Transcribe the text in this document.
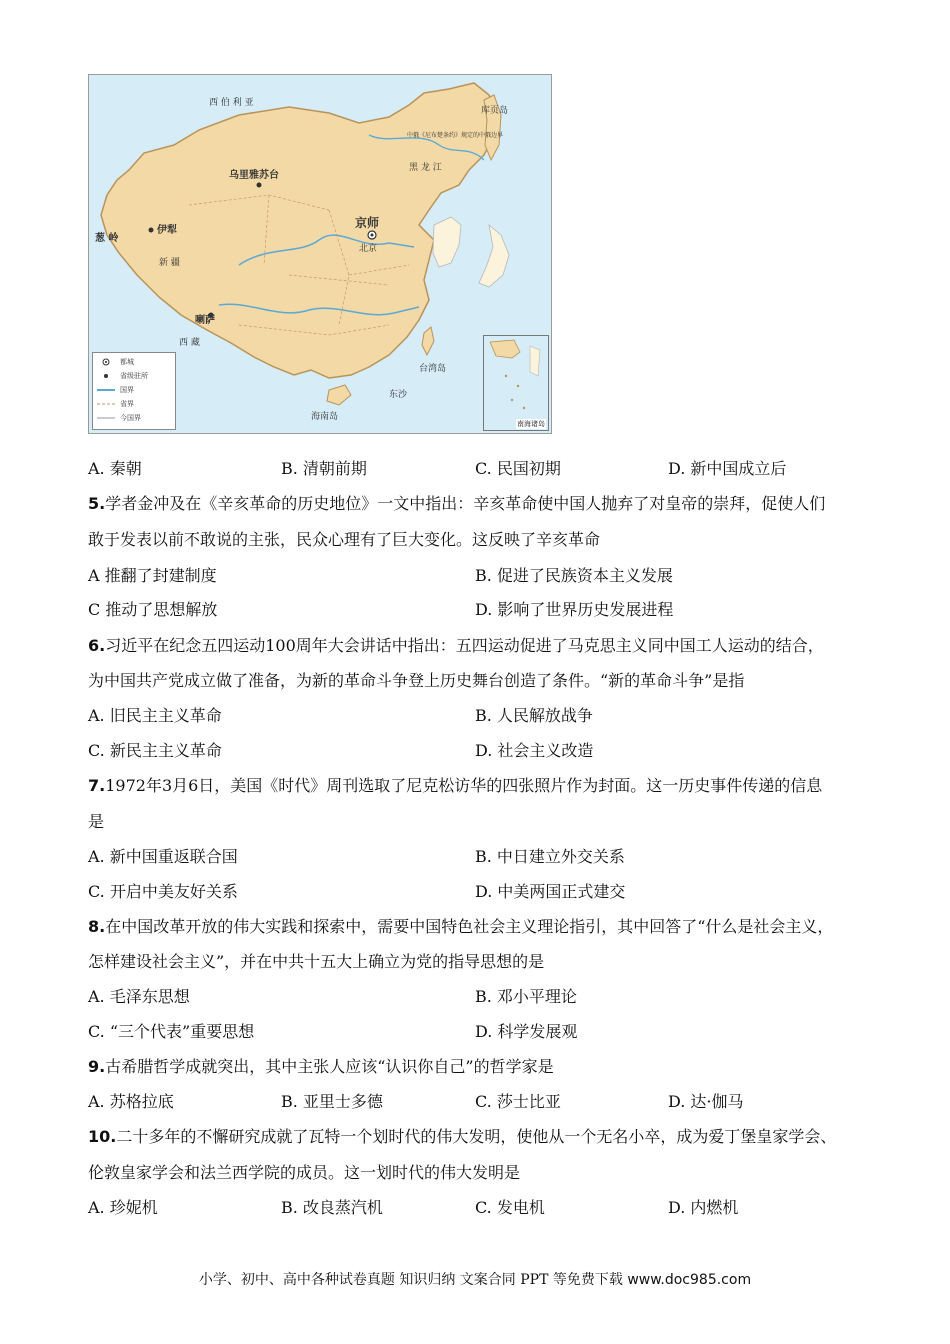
西 伯 利 亚
乌里雅苏台
伊犁
葱 岭
京师
北京
喇萨
海南岛
台湾岛
库页岛
东沙
中俄《尼布楚条约》规定的中俄边界
黑 龙 江
新 疆
西 藏
都城
省级驻所
国界
省界
今国界
南海诸岛
A. 秦朝	B. 清朝前期	C. 民国初期	D. 新中国成立后
5.学者金冲及在《辛亥革命的历史地位》一文中指出：辛亥革命使中国人抛弃了对皇帝的崇拜，促使人们
敢于发表以前不敢说的主张，民众心理有了巨大变化。这反映了辛亥革命
A 推翻了封建制度	B. 促进了民族资本主义发展
C 推动了思想解放	D. 影响了世界历史发展进程
6.习近平在纪念五四运动100周年大会讲话中指出：五四运动促进了马克思主义同中国工人运动的结合，
为中国共产党成立做了准备，为新的革命斗争登上历史舞台创造了条件。“新的革命斗争”是指
A. 旧民主主义革命	B. 人民解放战争
C. 新民主主义革命	D. 社会主义改造
7.1972年3月6日，美国《时代》周刊选取了尼克松访华的四张照片作为封面。这一历史事件传递的信息
是
A. 新中国重返联合国	B. 中日建立外交关系
C. 开启中美友好关系	D. 中美两国正式建交
8.在中国改革开放的伟大实践和探索中，需要中国特色社会主义理论指引，其中回答了“什么是社会主义，
怎样建设社会主义”，并在中共十五大上确立为党的指导思想的是
A. 毛泽东思想	B. 邓小平理论
C. “三个代表”重要思想	D. 科学发展观
9.古希腊哲学成就突出，其中主张人应该“认识你自己”的哲学家是
A. 苏格拉底	B. 亚里士多德	C. 莎士比亚	D. 达·伽马
10.二十多年的不懈研究成就了瓦特一个划时代的伟大发明，使他从一个无名小卒，成为爱丁堡皇家学会、
伦敦皇家学会和法兰西学院的成员。这一划时代的伟大发明是
A. 珍妮机	B. 改良蒸汽机	C. 发电机	D. 内燃机
小学、初中、高中各种试卷真题 知识归纳 文案合同 PPT 等免费下载 www.doc985.com
